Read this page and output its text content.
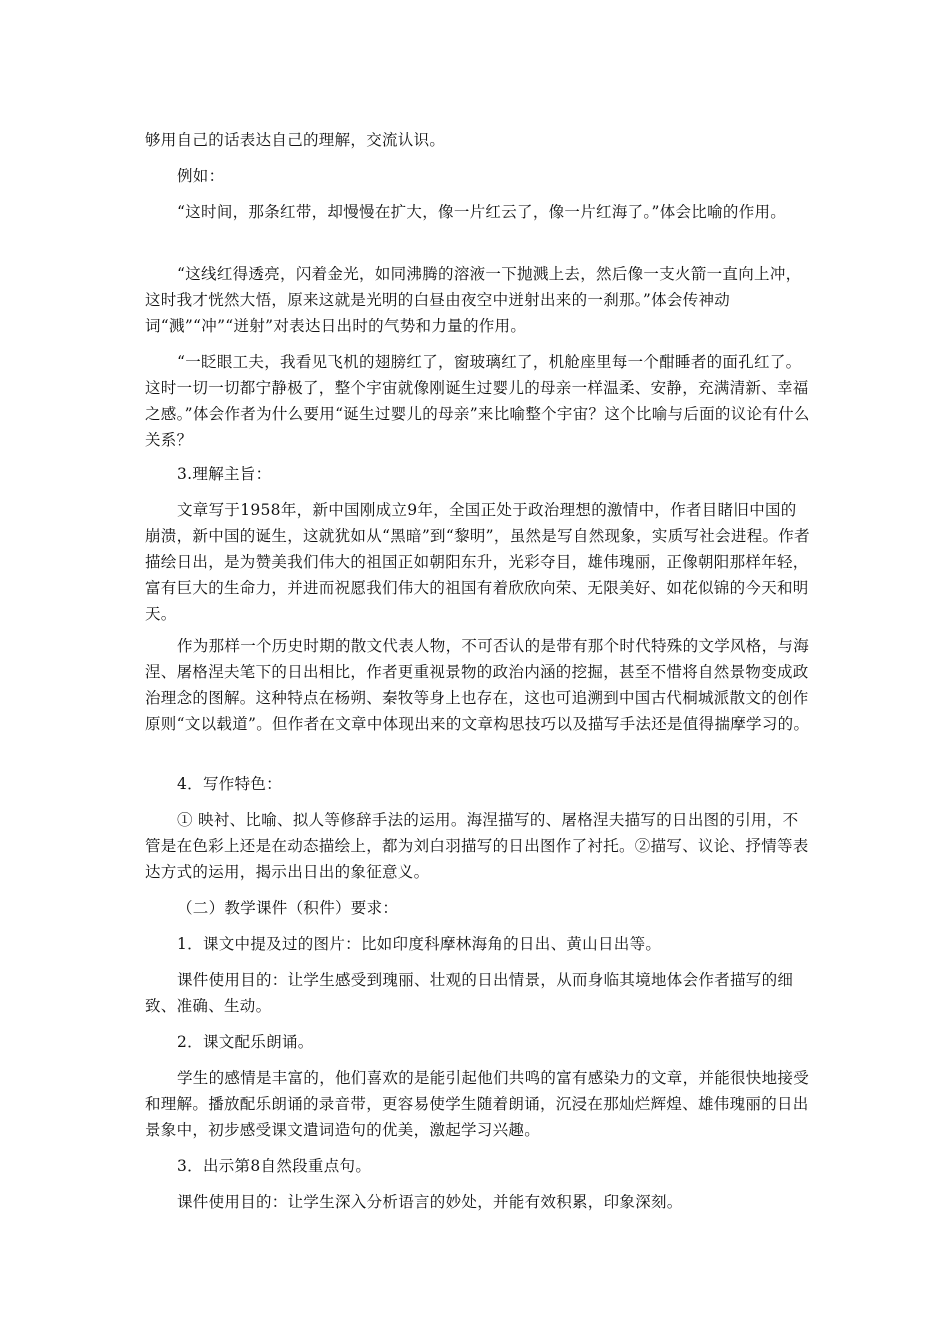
够用自己的话表达自己的理解，交流认识。
例如：
“这时间，那条红带，却慢慢在扩大，像一片红云了，像一片红海了。”体会比喻的作用。
“这线红得透亮，闪着金光，如同沸腾的溶液一下抛溅上去，然后像一支火箭一直向上冲，这时我才恍然大悟，原来这就是光明的白昼由夜空中迸射出来的一刹那。”体会传神动词“溅”“冲”“迸射”对表达日出时的气势和力量的作用。
“一眨眼工夫，我看见飞机的翅膀红了，窗玻璃红了，机舱座里每一个酣睡者的面孔红了。这时一切一切都宁静极了，整个宇宙就像刚诞生过婴儿的母亲一样温柔、安静，充满清新、幸福之感。”体会作者为什么要用“诞生过婴儿的母亲”来比喻整个宇宙？这个比喻与后面的议论有什么关系？
3.理解主旨：
文章写于1958年，新中国刚成立9年，全国正处于政治理想的激情中，作者目睹旧中国的崩溃，新中国的诞生，这就犹如从“黑暗”到“黎明”，虽然是写自然现象，实质写社会进程。作者描绘日出，是为赞美我们伟大的祖国正如朝阳东升，光彩夺目，雄伟瑰丽，正像朝阳那样年轻，富有巨大的生命力，并进而祝愿我们伟大的祖国有着欣欣向荣、无限美好、如花似锦的今天和明天。
作为那样一个历史时期的散文代表人物，不可否认的是带有那个时代特殊的文学风格，与海涅、屠格涅夫笔下的日出相比，作者更重视景物的政治内涵的挖掘，甚至不惜将自然景物变成政治理念的图解。这种特点在杨朔、秦牧等身上也存在，这也可追溯到中国古代桐城派散文的创作原则“文以载道”。但作者在文章中体现出来的文章构思技巧以及描写手法还是值得揣摩学习的。
4．写作特色：
① 映衬、比喻、拟人等修辞手法的运用。海涅描写的、屠格涅夫描写的日出图的引用，不管是在色彩上还是在动态描绘上，都为刘白羽描写的日出图作了衬托。②描写、议论、抒情等表达方式的运用，揭示出日出的象征意义。
（二）教学课件（积件）要求：
1．课文中提及过的图片：比如印度科摩林海角的日出、黄山日出等。
课件使用目的：让学生感受到瑰丽、壮观的日出情景，从而身临其境地体会作者描写的细致、准确、生动。
2．课文配乐朗诵。
学生的感情是丰富的，他们喜欢的是能引起他们共鸣的富有感染力的文章，并能很快地接受和理解。播放配乐朗诵的录音带，更容易使学生随着朗诵，沉浸在那灿烂辉煌、雄伟瑰丽的日出景象中，初步感受课文遣词造句的优美，激起学习兴趣。
3．出示第8自然段重点句。
课件使用目的：让学生深入分析语言的妙处，并能有效积累，印象深刻。
